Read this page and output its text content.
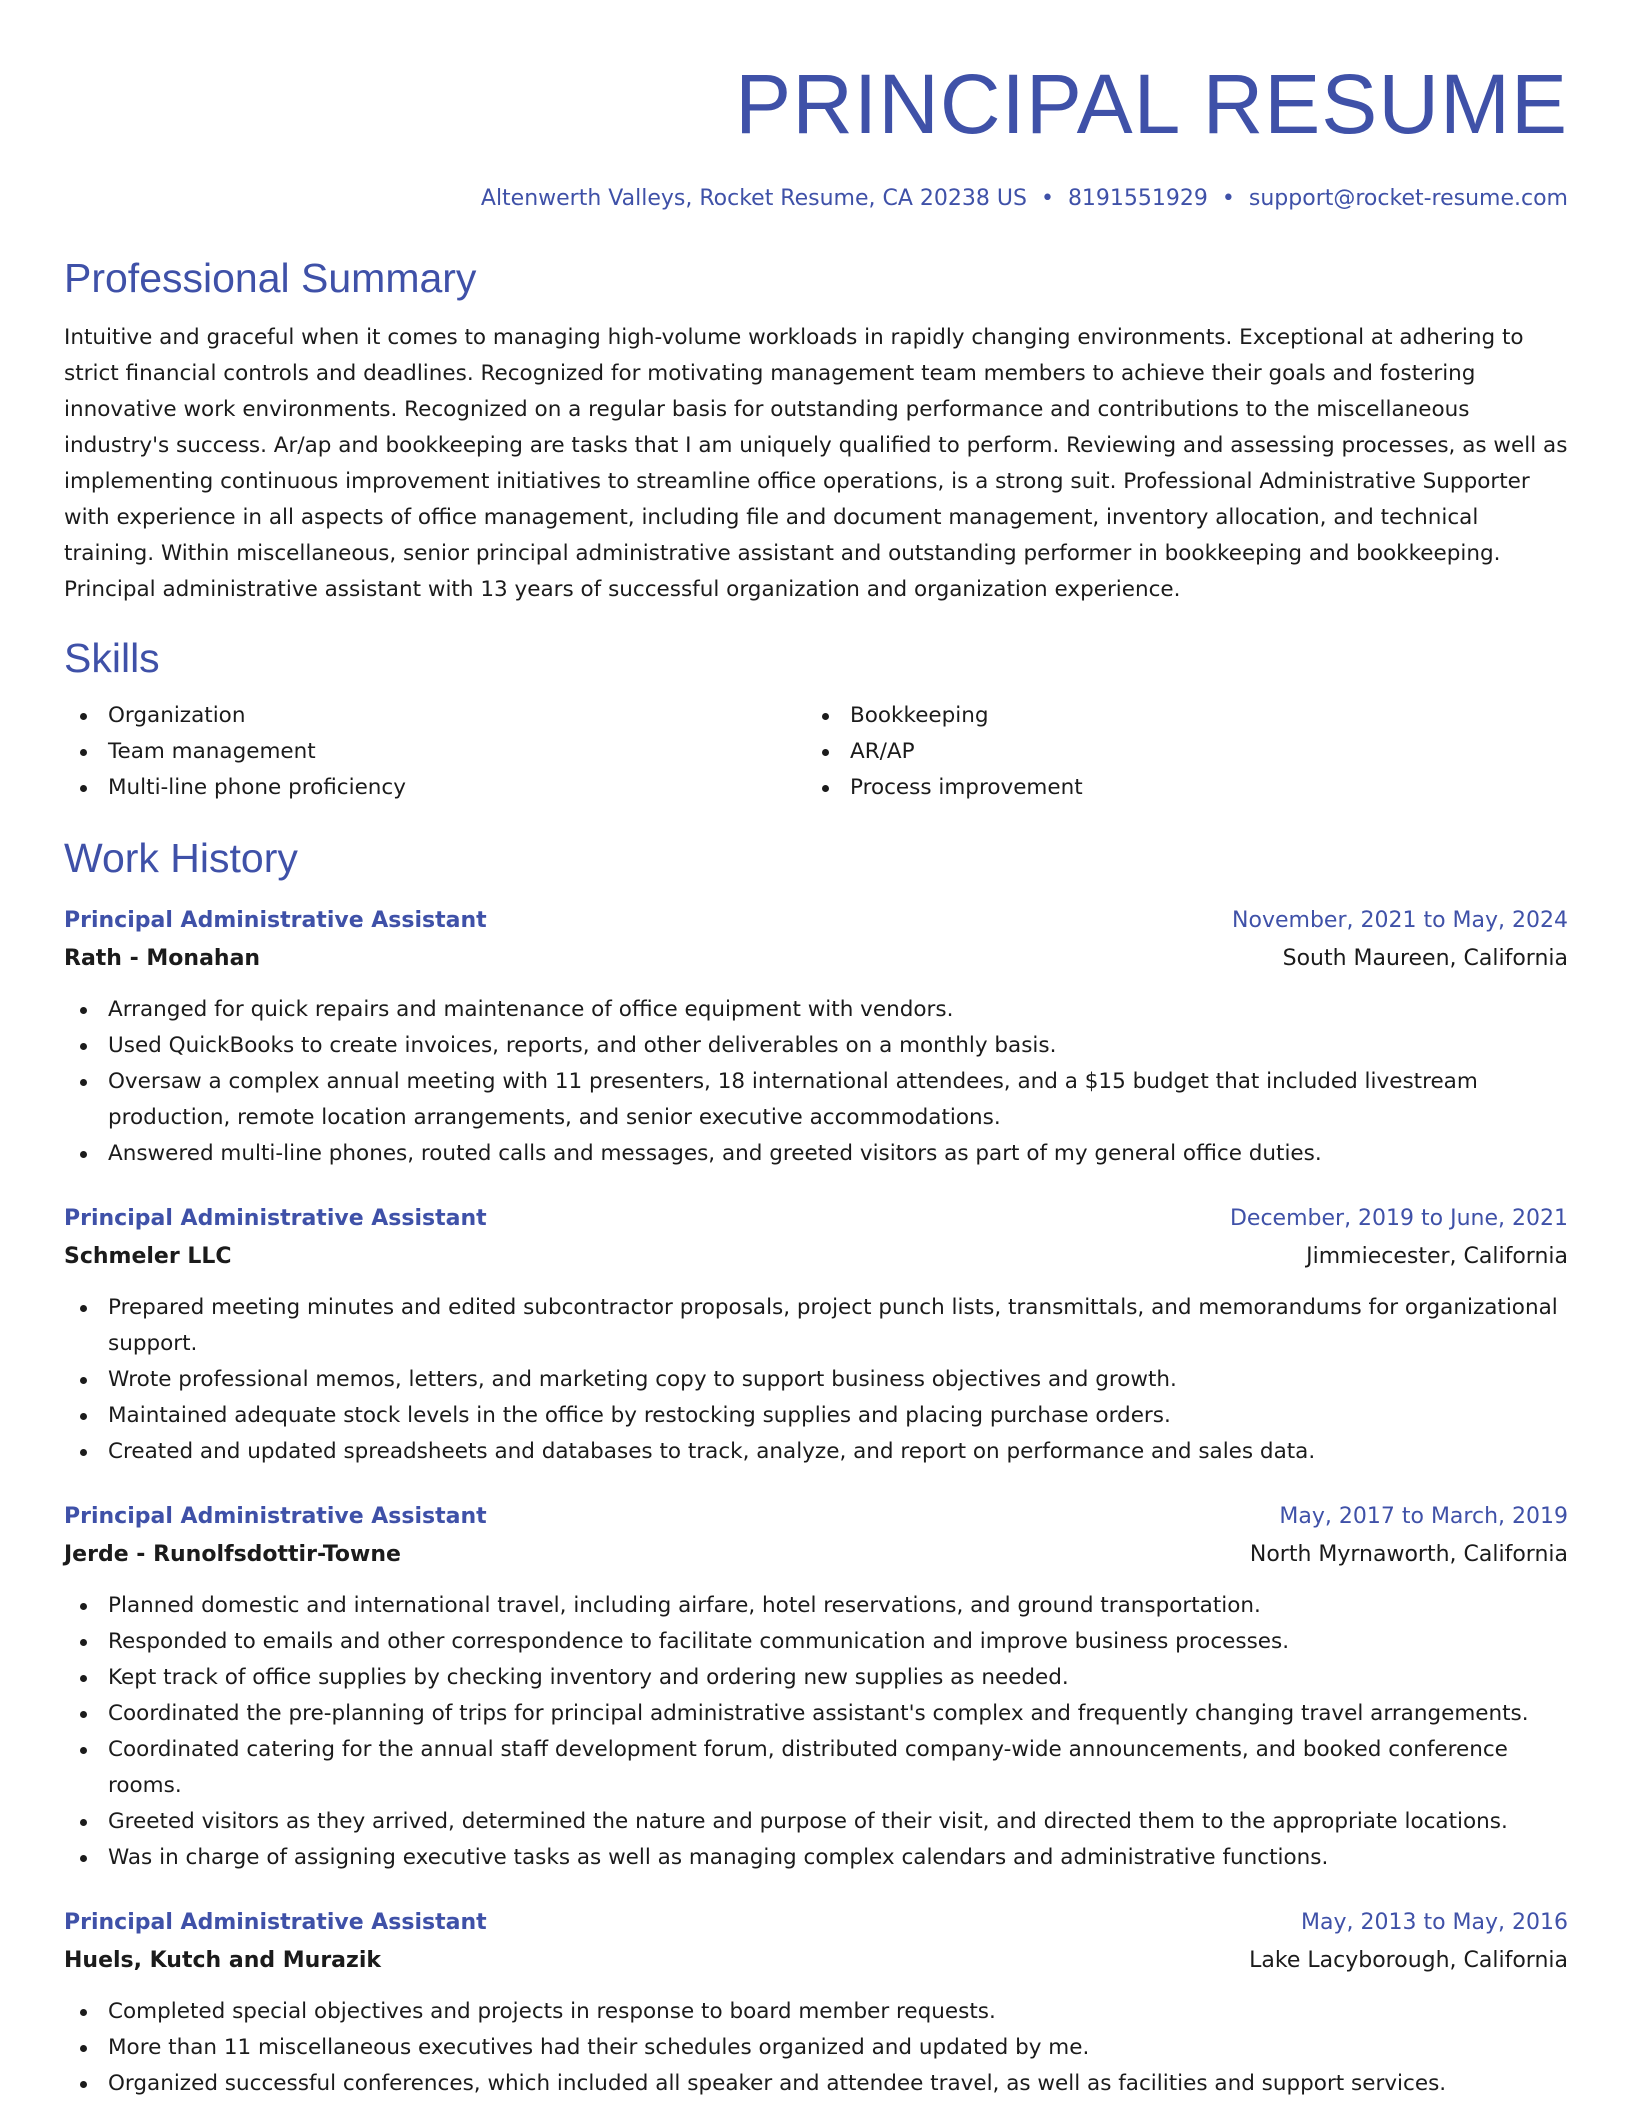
PRINCIPAL RESUME
Altenwerth Valleys, Rocket Resume, CA 20238 US • 8191551929 • support@rocket-resume.com
Professional Summary

Intuitive and graceful when it comes to managing high-volume workloads in rapidly changing environments. Exceptional at adhering to strict financial controls and deadlines. Recognized for motivating management team members to achieve their goals and fostering innovative work environments. Recognized on a regular basis for outstanding performance and contributions to the miscellaneous industry's success. Ar/ap and bookkeeping are tasks that I am uniquely qualified to perform. Reviewing and assessing processes, as well as implementing continuous improvement initiatives to streamline office operations, is a strong suit. Professional Administrative Supporter with experience in all aspects of office management, including file and document management, inventory allocation, and technical training. Within miscellaneous, senior principal administrative assistant and outstanding performer in bookkeeping and bookkeeping. Principal administrative assistant with 13 years of successful organization and organization experience.

Skills
Organization
Team management
Multi-line phone proficiency
Bookkeeping
AR/AP
Process improvement
Work History
Principal Administrative Assistant	November, 2021 to May, 2024
Rath - Monahan	South Maureen, California
Arranged for quick repairs and maintenance of office equipment with vendors.
Used QuickBooks to create invoices, reports, and other deliverables on a monthly basis.
Oversaw a complex annual meeting with 11 presenters, 18 international attendees, and a $15 budget that included livestream production, remote location arrangements, and senior executive accommodations.
Answered multi-line phones, routed calls and messages, and greeted visitors as part of my general office duties.
Principal Administrative Assistant	December, 2019 to June, 2021
Schmeler LLC	Jimmiecester, California
Prepared meeting minutes and edited subcontractor proposals, project punch lists, transmittals, and memorandums for organizational support.
Wrote professional memos, letters, and marketing copy to support business objectives and growth.
Maintained adequate stock levels in the office by restocking supplies and placing purchase orders.
Created and updated spreadsheets and databases to track, analyze, and report on performance and sales data.
Principal Administrative Assistant	May, 2017 to March, 2019
Jerde - Runolfsdottir-Towne	North Myrnaworth, California
Planned domestic and international travel, including airfare, hotel reservations, and ground transportation.
Responded to emails and other correspondence to facilitate communication and improve business processes.
Kept track of office supplies by checking inventory and ordering new supplies as needed.
Coordinated the pre-planning of trips for principal administrative assistant's complex and frequently changing travel arrangements.
Coordinated catering for the annual staff development forum, distributed company-wide announcements, and booked conference rooms.
Greeted visitors as they arrived, determined the nature and purpose of their visit, and directed them to the appropriate locations.
Was in charge of assigning executive tasks as well as managing complex calendars and administrative functions.
Principal Administrative Assistant	May, 2013 to May, 2016
Huels, Kutch and Murazik	Lake Lacyborough, California
Completed special objectives and projects in response to board member requests.
More than 11 miscellaneous executives had their schedules organized and updated by me.
Organized successful conferences, which included all speaker and attendee travel, as well as facilities and support services.
